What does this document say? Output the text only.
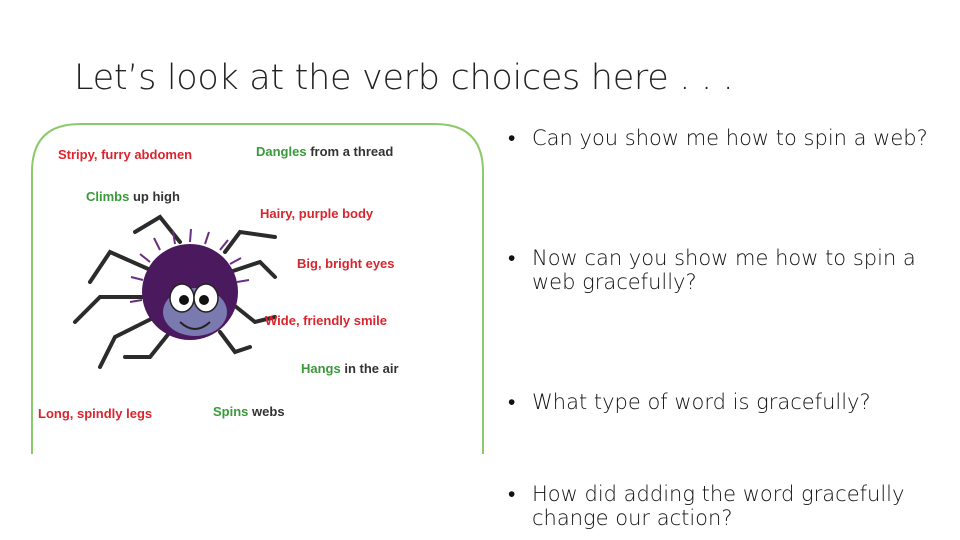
Let’s look at the verb choices here . . .
Stripy, furry abdomen	Dangles from a thread
Climbs up high
Hairy, purple body
Big, bright eyes
Wide, friendly smile
Hangs in the air
Long, spindly legs	Spins webs
• Can you show me how to spin a web?
• Now can you show me how to spin a web gracefully?
• What type of word is gracefully?
• How did adding the word gracefully change our action?
